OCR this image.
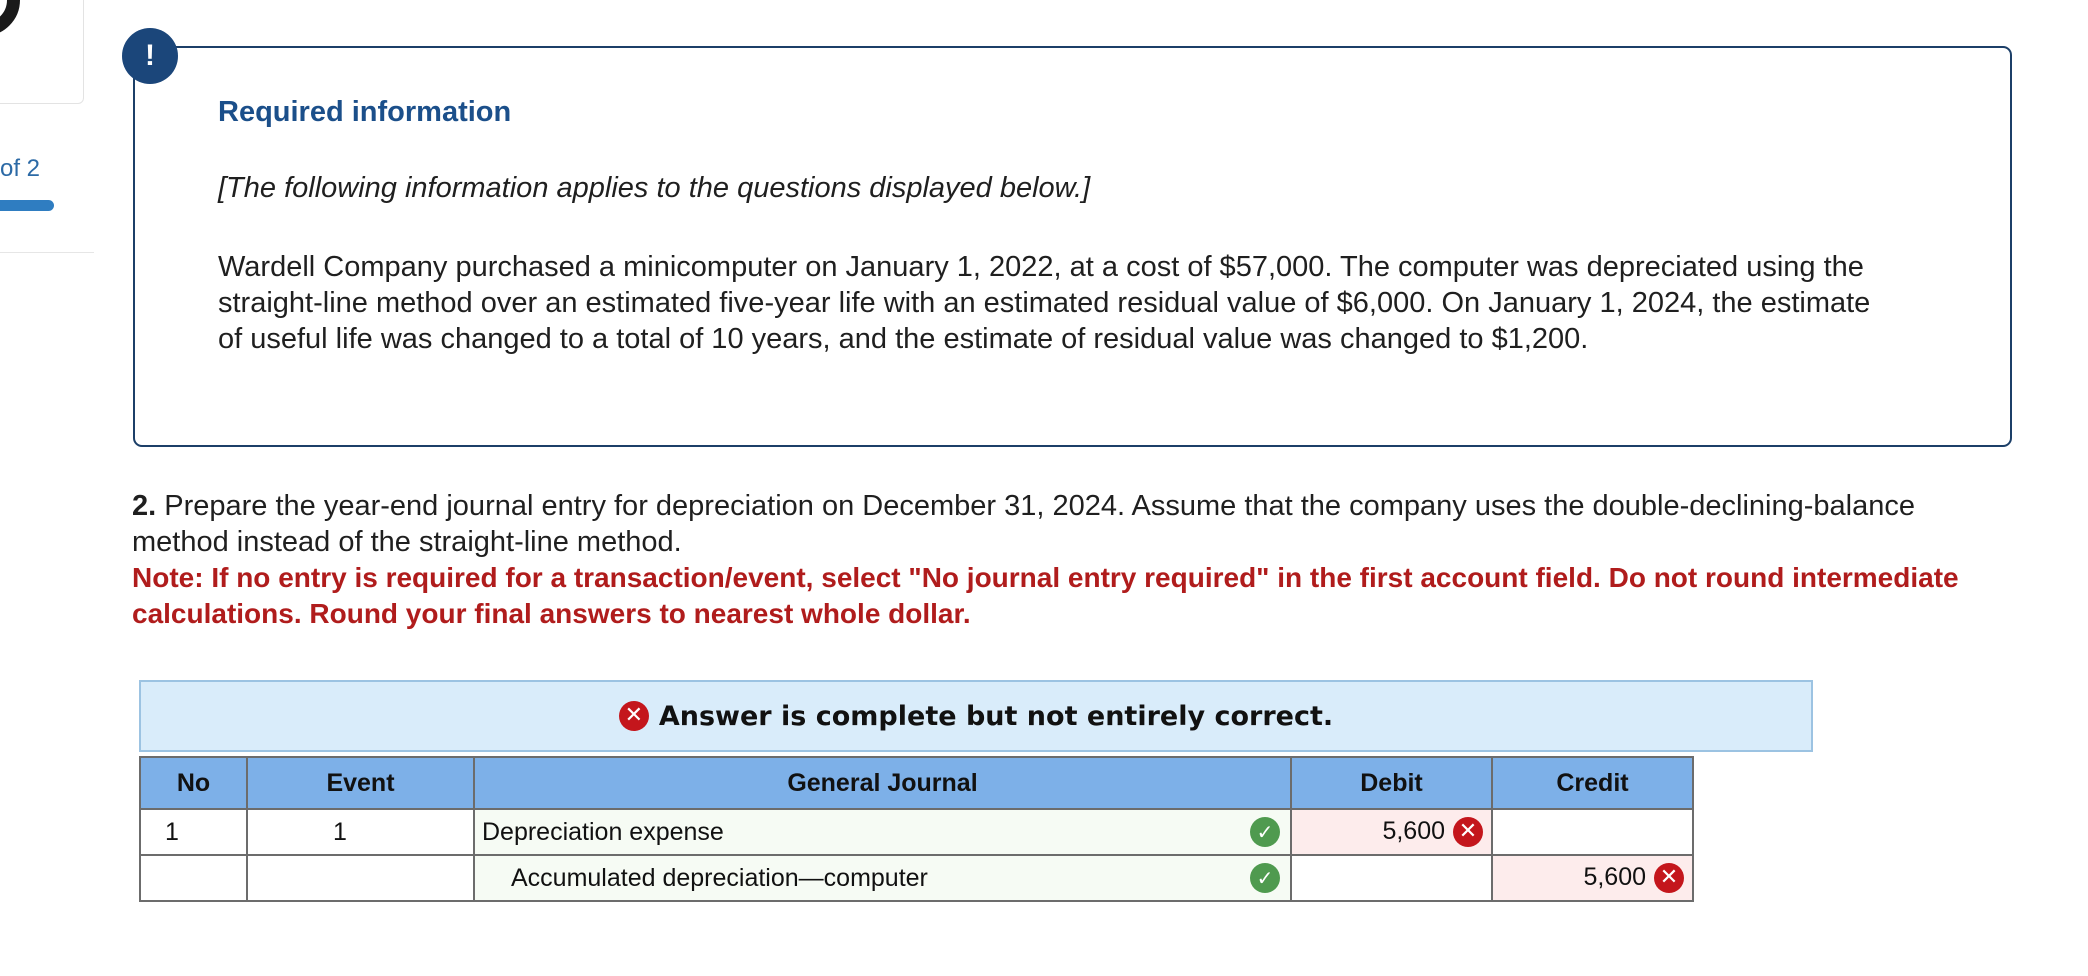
of 2
!
Required information
[The following information applies to the questions displayed below.]
Wardell Company purchased a minicomputer on January 1, 2022, at a cost of $57,000. The computer was depreciated using the straight-line method over an estimated five-year life with an estimated residual value of $6,000. On January 1, 2024, the estimate of useful life was changed to a total of 10 years, and the estimate of residual value was changed to $1,200.
2. Prepare the year-end journal entry for depreciation on December 31, 2024. Assume that the company uses the double-declining-balance method instead of the straight-line method.
Note: If no entry is required for a transaction/event, select "No journal entry required" in the first account field. Do not round intermediate calculations. Round your final answers to nearest whole dollar.
✕ Answer is complete but not entirely correct.
No	Event	General Journal	Debit	Credit
1	1	Depreciation expense ✓	5,600 ✕	
		Accumulated depreciation—computer ✓		5,600 ✕
